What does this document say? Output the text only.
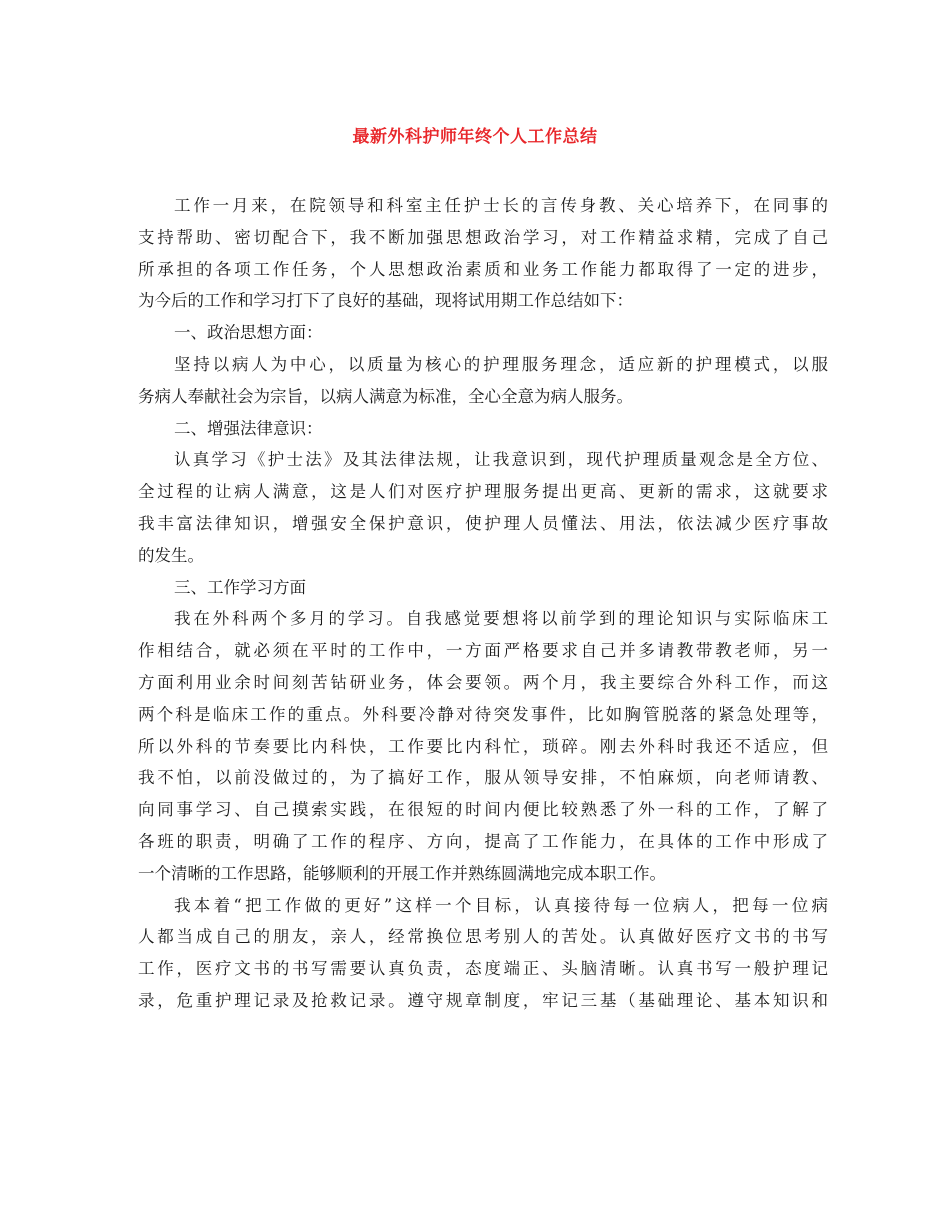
最新外科护师年终个人工作总结
工作一月来，在院领导和科室主任护士长的言传身教、关心培养下，在同事的
支持帮助、密切配合下，我不断加强思想政治学习，对工作精益求精，完成了自己
所承担的各项工作任务，个人思想政治素质和业务工作能力都取得了一定的进步，
为今后的工作和学习打下了良好的基础，现将试用期工作总结如下：
一、政治思想方面：
坚持以病人为中心，以质量为核心的护理服务理念，适应新的护理模式，以服
务病人奉献社会为宗旨，以病人满意为标准，全心全意为病人服务。
二、增强法律意识：
认真学习《护士法》及其法律法规，让我意识到，现代护理质量观念是全方位、
全过程的让病人满意，这是人们对医疗护理服务提出更高、更新的需求，这就要求
我丰富法律知识，增强安全保护意识，使护理人员懂法、用法，依法减少医疗事故
的发生。
三、工作学习方面
我在外科两个多月的学习。自我感觉要想将以前学到的理论知识与实际临床工
作相结合，就必须在平时的工作中，一方面严格要求自己并多请教带教老师，另一
方面利用业余时间刻苦钻研业务，体会要领。两个月，我主要综合外科工作，而这
两个科是临床工作的重点。外科要冷静对待突发事件，比如胸管脱落的紧急处理等，
所以外科的节奏要比内科快，工作要比内科忙，琐碎。刚去外科时我还不适应，但
我不怕，以前没做过的，为了搞好工作，服从领导安排，不怕麻烦，向老师请教、
向同事学习、自己摸索实践，在很短的时间内便比较熟悉了外一科的工作，了解了
各班的职责，明确了工作的程序、方向，提高了工作能力，在具体的工作中形成了
一个清晰的工作思路，能够顺利的开展工作并熟练圆满地完成本职工作。
我本着“把工作做的更好”这样一个目标，认真接待每一位病人，把每一位病
人都当成自己的朋友，亲人，经常换位思考别人的苦处。认真做好医疗文书的书写
工作，医疗文书的书写需要认真负责，态度端正、头脑清晰。认真书写一般护理记
录，危重护理记录及抢救记录。遵守规章制度，牢记三基（基础理论、基本知识和
